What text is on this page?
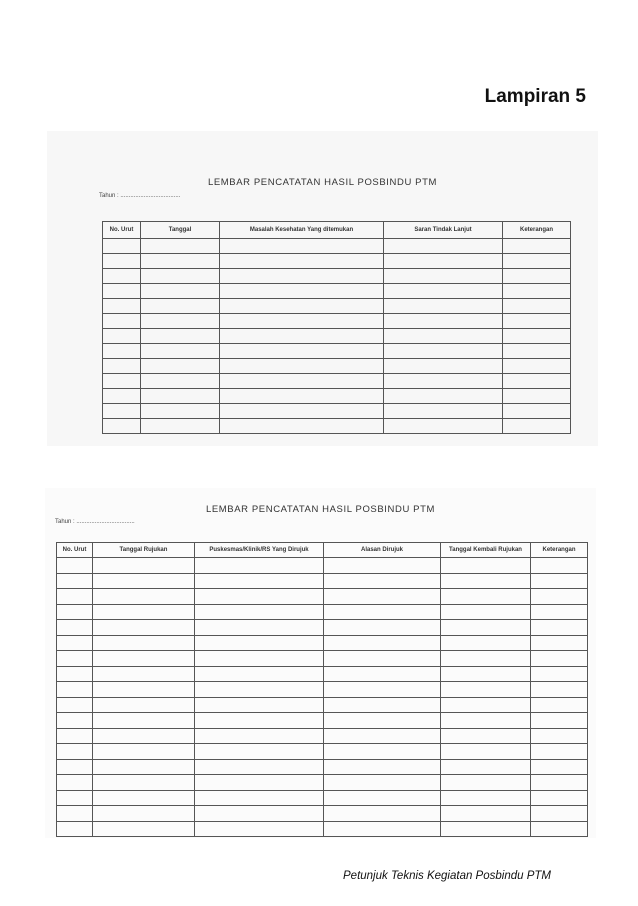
Lampiran 5
LEMBAR PENCATATAN HASIL POSBINDU PTM
Tahun : ....................................
No. Urut	Tanggal	Masalah Kesehatan Yang ditemukan	Saran Tindak Lanjut	Keterangan

LEMBAR PENCATATAN HASIL POSBINDU PTM
Tahun : ...................................
No. Urut	Tanggal Rujukan	Puskesmas/Klinik/RS Yang Dirujuk	Alasan Dirujuk	Tanggal Kembali Rujukan	Keterangan

Petunjuk Teknis Kegiatan Posbindu PTM
